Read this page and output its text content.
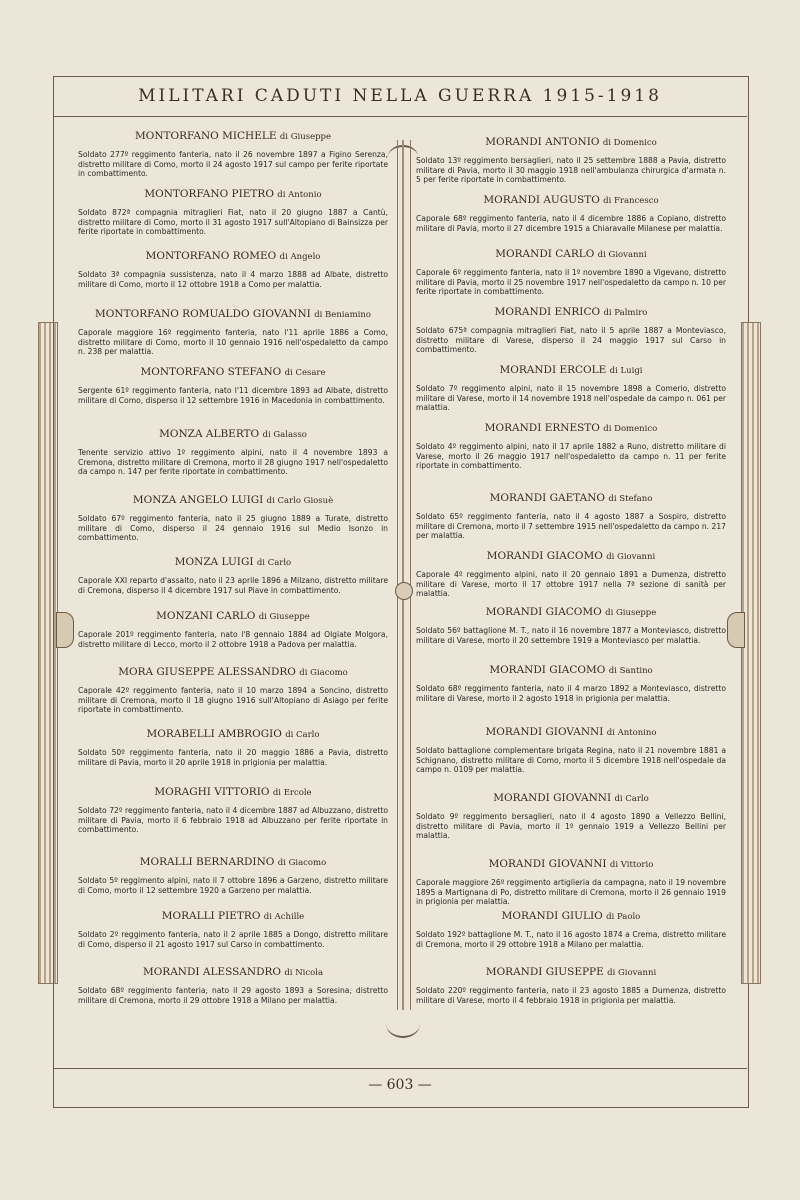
MILITARI CADUTI NELLA GUERRA 1915-1918
MONTORFANO MICHELE di Giuseppe
Soldato 277º reggimento fanteria, nato il 26 novembre 1897 a Figino Serenza, distretto militare di Como, morto il 24 agosto 1917 sul campo per ferite riportate in combattimento.
MONTORFANO PIETRO di Antonio
Soldato 872ª compagnia mitraglieri Fiat, nato il 20 giugno 1887 a Cantù, distretto militare di Como, morto il 31 agosto 1917 sull'Altopiano di Bainsizza per ferite riportate in combattimento.
MONTORFANO ROMEO di Angelo
Soldato 3ª compagnia sussistenza, nato il 4 marzo 1888 ad Albate, distretto militare di Como, morto il 12 ottobre 1918 a Como per malattia.
MONTORFANO ROMUALDO GIOVANNI di Beniamino
Caporale maggiore 16º reggimento fanteria, nato l'11 aprile 1886 a Como, distretto militare di Como, morto il 10 gennaio 1916 nell'ospedaletto da campo n. 238 per malattia.
MONTORFANO STEFANO di Cesare
Sergente 61º reggimento fanteria, nato l'11 dicembre 1893 ad Albate, distretto militare di Como, disperso il 12 settembre 1916 in Macedonia in combattimento.
MONZA ALBERTO di Galasso
Tenente servizio attivo 1º reggimento alpini, nato il 4 novembre 1893 a Cremona, distretto militare di Cremona, morto il 28 giugno 1917 nell'ospedaletto da campo n. 147 per ferite riportate in combattimento.
MONZA ANGELO LUIGI di Carlo Giosuè
Soldato 67º reggimento fanteria, nato il 25 giugno 1889 a Turate, distretto militare di Como, disperso il 24 gennaio 1916 sul Medio Isonzo in combattimento.
MONZA LUIGI di Carlo
Caporale XXI reparto d'assalto, nato il 23 aprile 1896 a Milzano, distretto militare di Cremona, disperso il 4 dicembre 1917 sul Piave in combattimento.
MONZANI CARLO di Giuseppe
Caporale 201º reggimento fanteria, nato l'8 gennaio 1884 ad Olgiate Molgora, distretto militare di Lecco, morto il 2 ottobre 1918 a Padova per malattia.
MORA GIUSEPPE ALESSANDRO di Giacomo
Caporale 42º reggimento fanteria, nato il 10 marzo 1894 a Soncino, distretto militare di Cremona, morto il 18 giugno 1916 sull'Altopiano di Asiago per ferite riportate in combattimento.
MORABELLI AMBROGIO di Carlo
Soldato 50º reggimento fanteria, nato il 20 maggio 1886 a Pavia, distretto militare di Pavia, morto il 20 aprile 1918 in prigionia per malattia.
MORAGHI VITTORIO di Ercole
Soldato 72º reggimento fanteria, nato il 4 dicembre 1887 ad Albuzzano, distretto militare di Pavia, morto il 6 febbraio 1918 ad Albuzzano per ferite riportate in combattimento.
MORALLI BERNARDINO di Giacomo
Soldato 5º reggimento alpini, nato il 7 ottobre 1896 a Garzeno, distretto militare di Como, morto il 12 settembre 1920 a Garzeno per malattia.
MORALLI PIETRO di Achille
Soldato 2º reggimento fanteria, nato il 2 aprile 1885 a Dongo, distretto militare di Como, disperso il 21 agosto 1917 sul Carso in combattimento.
MORANDI ALESSANDRO di Nicola
Soldato 68º reggimento fanteria, nato il 29 agosto 1893 a Soresina, distretto militare di Cremona, morto il 29 ottobre 1918 a Milano per malattia.
MORANDI ANTONIO di Domenico
Soldato 13º reggimento bersaglieri, nato il 25 settembre 1888 a Pavia, distretto militare di Pavia, morto il 30 maggio 1918 nell'ambulanza chirurgica d'armata n. 5 per ferite riportate in combattimento.
MORANDI AUGUSTO di Francesco
Caporale 68º reggimento fanteria, nato il 4 dicembre 1886 a Copiano, distretto militare di Pavia, morto il 27 dicembre 1915 a Chiaravalle Milanese per malattia.
MORANDI CARLO di Giovanni
Caporale 6º reggimento fanteria, nato il 1º novembre 1890 a Vigevano, distretto militare di Pavia, morto il 25 novembre 1917 nell'ospedaletto da campo n. 10 per ferite riportate in combattimento.
MORANDI ENRICO di Palmiro
Soldato 675ª compagnia mitraglieri Fiat, nato il 5 aprile 1887 a Monteviasco, distretto militare di Varese, disperso il 24 maggio 1917 sul Carso in combattimento.
MORANDI ERCOLE di Luigi
Soldato 7º reggimento alpini, nato il 15 novembre 1898 a Comerio, distretto militare di Varese, morto il 14 novembre 1918 nell'ospedale da campo n. 061 per malattia.
MORANDI ERNESTO di Domenico
Soldato 4º reggimento alpini, nato il 17 aprile 1882 a Runo, distretto militare di Varese, morto il 26 maggio 1917 nell'ospedaletto da campo n. 11 per ferite riportate in combattimento.
MORANDI GAETANO di Stefano
Soldato 65º reggimento fanteria, nato il 4 agosto 1887 a Sospiro, distretto militare di Cremona, morto il 7 settembre 1915 nell'ospedaletto da campo n. 217 per malattia.
MORANDI GIACOMO di Giovanni
Caporale 4º reggimento alpini, nato il 20 gennaio 1891 a Dumenza, distretto militare di Varese, morto il 17 ottobre 1917 nella 7ª sezione di sanità per malattia.
MORANDI GIACOMO di Giuseppe
Soldato 56º battaglione M. T., nato il 16 novembre 1877 a Monteviasco, distretto militare di Varese, morto il 20 settembre 1919 a Monteviasco per malattia.
MORANDI GIACOMO di Santino
Soldato 68º reggimento fanteria, nato il 4 marzo 1892 a Monteviasco, distretto militare di Varese, morto il 2 agosto 1918 in prigionia per malattia.
MORANDI GIOVANNI di Antonino
Soldato battaglione complementare brigata Regina, nato il 21 novembre 1881 a Schignano, distretto militare di Como, morto il 5 dicembre 1918 nell'ospedale da campo n. 0109 per malattia.
MORANDI GIOVANNI di Carlo
Soldato 9º reggimento bersaglieri, nato il 4 agosto 1890 a Vellezzo Bellini, distretto militare di Pavia, morto il 1º gennaio 1919 a Vellezzo Bellini per malattia.
MORANDI GIOVANNI di Vittorio
Caporale maggiore 26º reggimento artiglieria da campagna, nato il 19 novembre 1895 a Martignana di Po, distretto militare di Cremona, morto il 26 gennaio 1919 in prigionia per malattia.
MORANDI GIULIO di Paolo
Soldato 192º battaglione M. T., nato il 16 agosto 1874 a Crema, distretto militare di Cremona, morto il 29 ottobre 1918 a Milano per malattia.
MORANDI GIUSEPPE di Giovanni
Soldato 220º reggimento fanteria, nato il 23 agosto 1885 a Dumenza, distretto militare di Varese, morto il 4 febbraio 1918 in prigionia per malattia.
— 603 —
